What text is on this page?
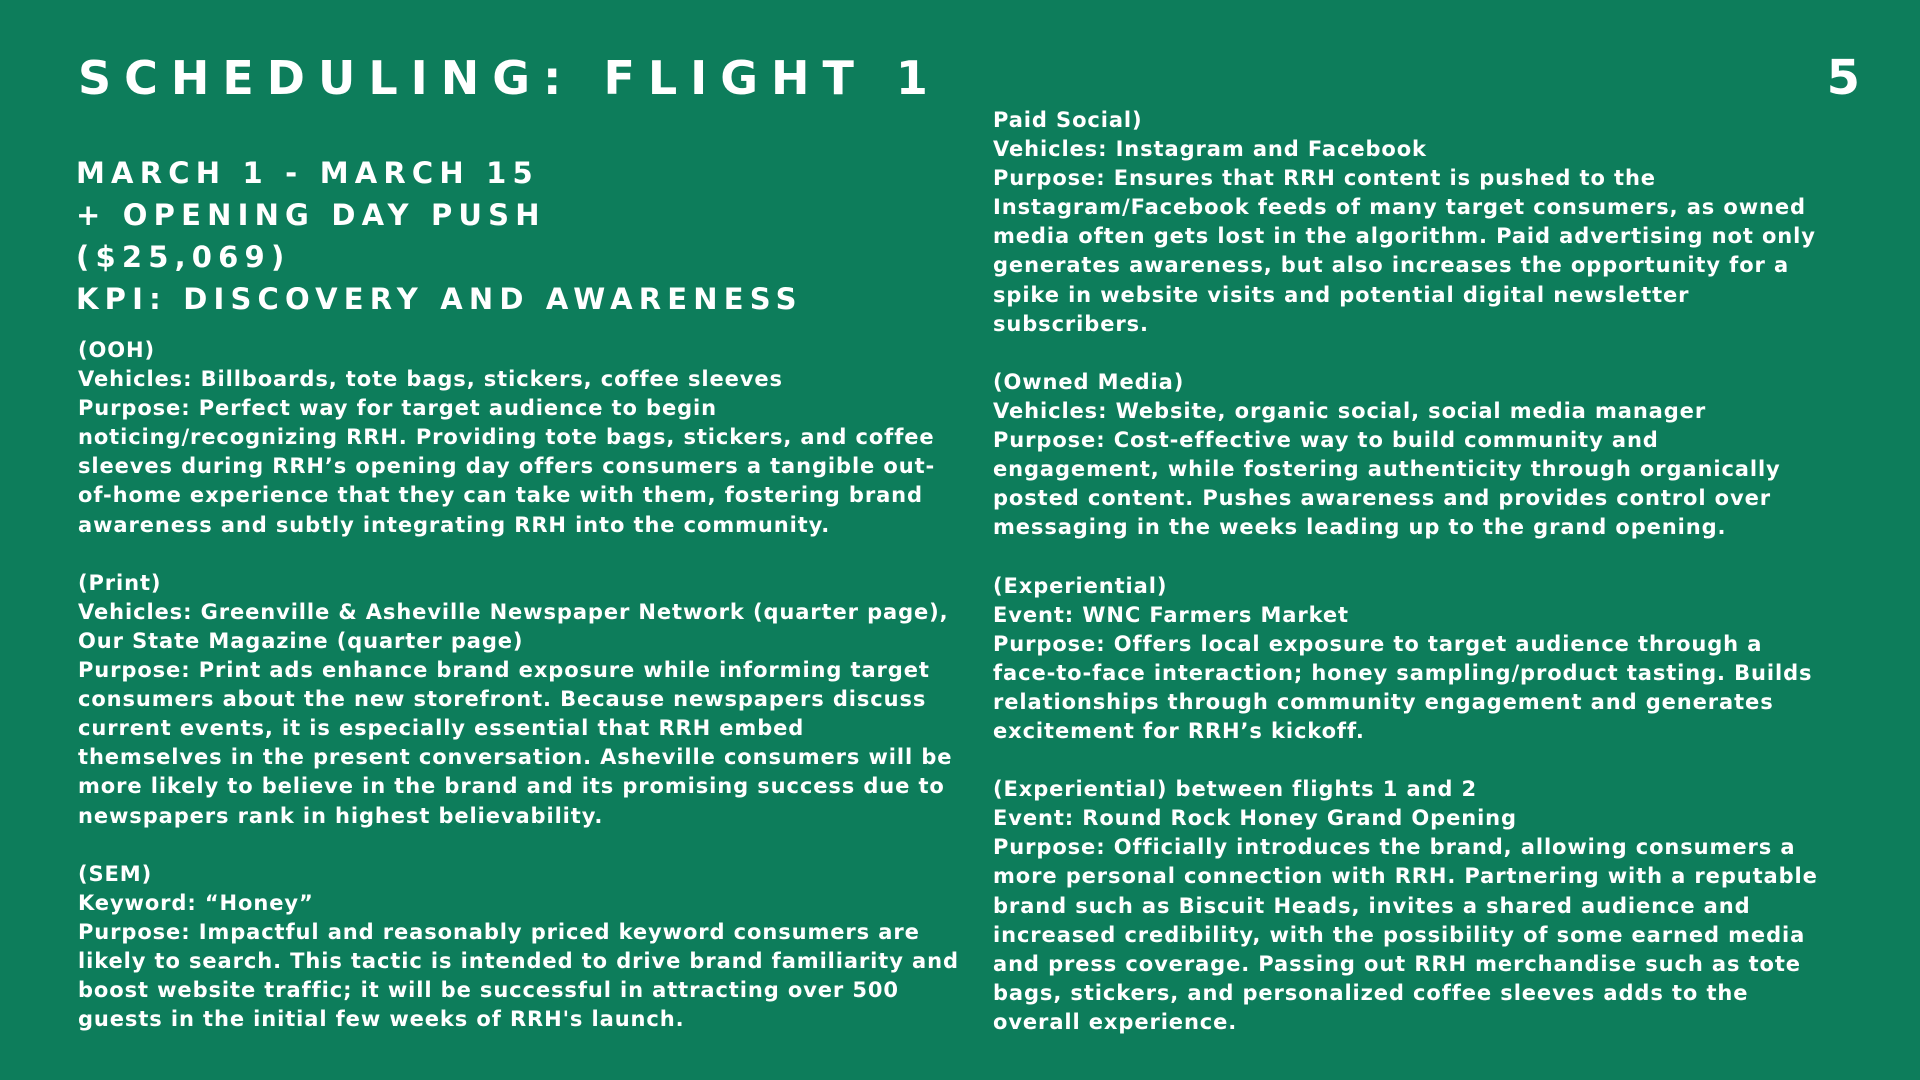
SCHEDULING: FLIGHT 1	5
MARCH 1 - MARCH 15
+ OPENING DAY PUSH
($25,069)
KPI: DISCOVERY AND AWARENESS
(OOH)
Vehicles: Billboards, tote bags, stickers, coffee sleeves
Purpose: Perfect way for target audience to begin
noticing/recognizing RRH. Providing tote bags, stickers, and coffee
sleeves during RRH’s opening day offers consumers a tangible out-
of-home experience that they can take with them, fostering brand
awareness and subtly integrating RRH into the community.
(Print)
Vehicles: Greenville & Asheville Newspaper Network (quarter page),
Our State Magazine (quarter page)
Purpose: Print ads enhance brand exposure while informing target
consumers about the new storefront. Because newspapers discuss
current events, it is especially essential that RRH embed
themselves in the present conversation. Asheville consumers will be
more likely to believe in the brand and its promising success due to
newspapers rank in highest believability.
(SEM)
Keyword: “Honey”
Purpose: Impactful and reasonably priced keyword consumers are
likely to search. This tactic is intended to drive brand familiarity and
boost website traffic; it will be successful in attracting over 500
guests in the initial few weeks of RRH's launch.
Paid Social)
Vehicles: Instagram and Facebook
Purpose: Ensures that RRH content is pushed to the
Instagram/Facebook feeds of many target consumers, as owned
media often gets lost in the algorithm. Paid advertising not only
generates awareness, but also increases the opportunity for a
spike in website visits and potential digital newsletter
subscribers.
(Owned Media)
Vehicles: Website, organic social, social media manager
Purpose: Cost-effective way to build community and
engagement, while fostering authenticity through organically
posted content. Pushes awareness and provides control over
messaging in the weeks leading up to the grand opening.
(Experiential)
Event: WNC Farmers Market
Purpose: Offers local exposure to target audience through a
face-to-face interaction; honey sampling/product tasting. Builds
relationships through community engagement and generates
excitement for RRH’s kickoff.
(Experiential) between flights 1 and 2
Event: Round Rock Honey Grand Opening
Purpose: Officially introduces the brand, allowing consumers a
more personal connection with RRH. Partnering with a reputable
brand such as Biscuit Heads, invites a shared audience and
increased credibility, with the possibility of some earned media
and press coverage. Passing out RRH merchandise such as tote
bags, stickers, and personalized coffee sleeves adds to the
overall experience.
